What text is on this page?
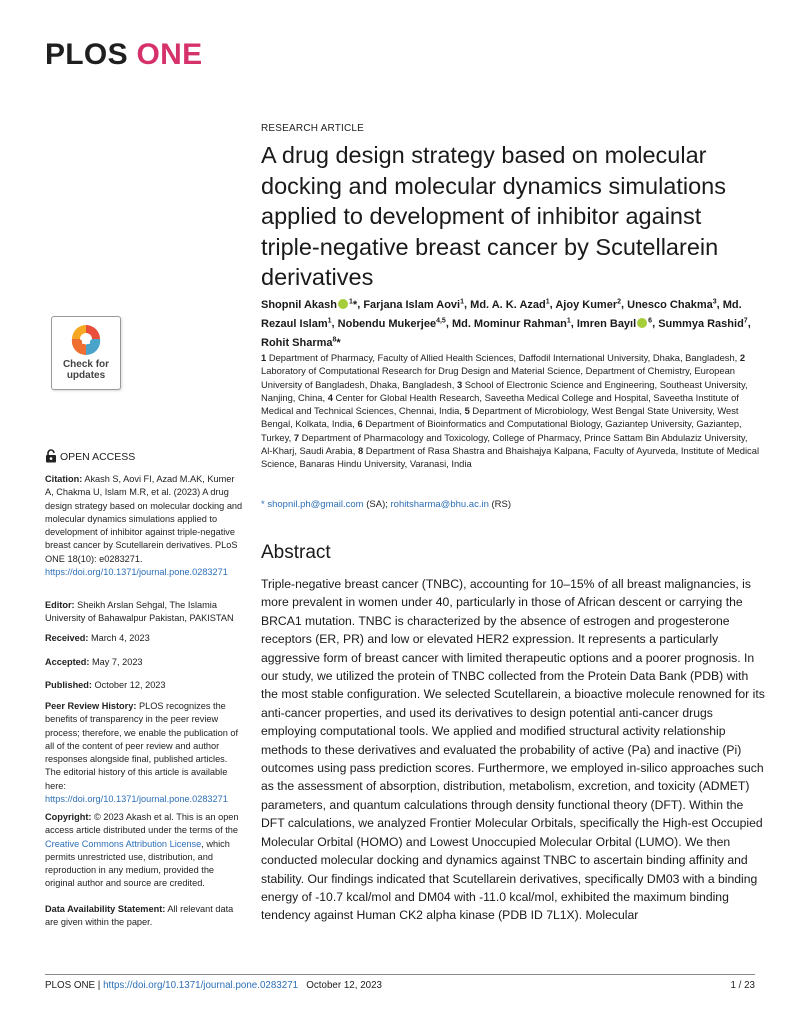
PLOS ONE
Check for
updates
OPEN ACCESS
Citation: Akash S, Aovi FI, Azad M.AK, Kumer A, Chakma U, Islam M.R, et al. (2023) A drug design strategy based on molecular docking and molecular dynamics simulations applied to development of inhibitor against triple-negative breast cancer by Scutellarein derivatives. PLoS ONE 18(10): e0283271. https://doi.org/10.1371/journal.pone.0283271
Editor: Sheikh Arslan Sehgal, The Islamia University of Bahawalpur Pakistan, PAKISTAN
Received: March 4, 2023
Accepted: May 7, 2023
Published: October 12, 2023
Peer Review History: PLOS recognizes the benefits of transparency in the peer review process; therefore, we enable the publication of all of the content of peer review and author responses alongside final, published articles. The editorial history of this article is available here: https://doi.org/10.1371/journal.pone.0283271
Copyright: © 2023 Akash et al. This is an open access article distributed under the terms of the Creative Commons Attribution License, which permits unrestricted use, distribution, and reproduction in any medium, provided the original author and source are credited.
Data Availability Statement: All relevant data are given within the paper.
RESEARCH ARTICLE
A drug design strategy based on molecular docking and molecular dynamics simulations applied to development of inhibitor against triple-negative breast cancer by Scutellarein derivatives
Shopnil Akash $^1$*, Farjana Islam Aovi$^1$, Md. A. K. Azad$^1$, Ajoy Kumer$^2$, Unesco Chakma$^3$, Md. Rezaul Islam$^1$, Nobendu Mukerjee$^{4,5}$, Md. Mominur Rahman$^1$, Imren Bayıl $^6$, Summya Rashid$^7$, Rohit Sharma$^8$*
1 Department of Pharmacy, Faculty of Allied Health Sciences, Daffodil International University, Dhaka, Bangladesh, 2 Laboratory of Computational Research for Drug Design and Material Science, Department of Chemistry, European University of Bangladesh, Dhaka, Bangladesh, 3 School of Electronic Science and Engineering, Southeast University, Nanjing, China, 4 Center for Global Health Research, Saveetha Medical College and Hospital, Saveetha Institute of Medical and Technical Sciences, Chennai, India, 5 Department of Microbiology, West Bengal State University, West Bengal, Kolkata, India, 6 Department of Bioinformatics and Computational Biology, Gaziantep University, Gaziantep, Turkey, 7 Department of Pharmacology and Toxicology, College of Pharmacy, Prince Sattam Bin Abdulaziz University, Al-Kharj, Saudi Arabia, 8 Department of Rasa Shastra and Bhaishajya Kalpana, Faculty of Ayurveda, Institute of Medical Science, Banaras Hindu University, Varanasi, India
* shopnil.ph@gmail.com (SA); rohitsharma@bhu.ac.in (RS)
Abstract
Triple-negative breast cancer (TNBC), accounting for 10–15% of all breast malignancies, is more prevalent in women under 40, particularly in those of African descent or carrying the BRCA1 mutation. TNBC is characterized by the absence of estrogen and progesterone receptors (ER, PR) and low or elevated HER2 expression. It represents a particularly aggressive form of breast cancer with limited therapeutic options and a poorer prognosis. In our study, we utilized the protein of TNBC collected from the Protein Data Bank (PDB) with the most stable configuration. We selected Scutellarein, a bioactive molecule renowned for its anti-cancer properties, and used its derivatives to design potential anti-cancer drugs employing computational tools. We applied and modified structural activity relationship methods to these derivatives and evaluated the probability of active (Pa) and inactive (Pi) outcomes using pass prediction scores. Furthermore, we employed in-silico approaches such as the assessment of absorption, distribution, metabolism, excretion, and toxicity (ADMET) parameters, and quantum calculations through density functional theory (DFT). Within the DFT calculations, we analyzed Frontier Molecular Orbitals, specifically the High-est Occupied Molecular Orbital (HOMO) and Lowest Unoccupied Molecular Orbital (LUMO). We then conducted molecular docking and dynamics against TNBC to ascertain binding affinity and stability. Our findings indicated that Scutellarein derivatives, specifically DM03 with a binding energy of -10.7 kcal/mol and DM04 with -11.0 kcal/mol, exhibited the maximum binding tendency against Human CK2 alpha kinase (PDB ID 7L1X). Molecular
PLOS ONE | https://doi.org/10.1371/journal.pone.0283271 October 12, 2023	1 / 23
